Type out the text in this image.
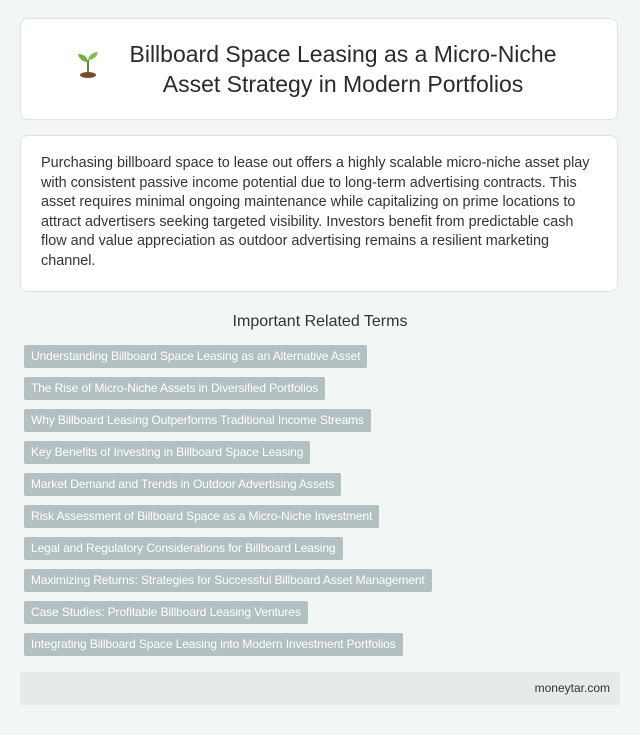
Billboard Space Leasing as a Micro-Niche Asset Strategy in Modern Portfolios
Purchasing billboard space to lease out offers a highly scalable micro-niche asset play with consistent passive income potential due to long-term advertising contracts. This asset requires minimal ongoing maintenance while capitalizing on prime locations to attract advertisers seeking targeted visibility. Investors benefit from predictable cash flow and value appreciation as outdoor advertising remains a resilient marketing channel.
Important Related Terms
Understanding Billboard Space Leasing as an Alternative Asset
The Rise of Micro-Niche Assets in Diversified Portfolios
Why Billboard Leasing Outperforms Traditional Income Streams
Key Benefits of Investing in Billboard Space Leasing
Market Demand and Trends in Outdoor Advertising Assets
Risk Assessment of Billboard Space as a Micro-Niche Investment
Legal and Regulatory Considerations for Billboard Leasing
Maximizing Returns: Strategies for Successful Billboard Asset Management
Case Studies: Profitable Billboard Leasing Ventures
Integrating Billboard Space Leasing into Modern Investment Portfolios
moneytar.com
